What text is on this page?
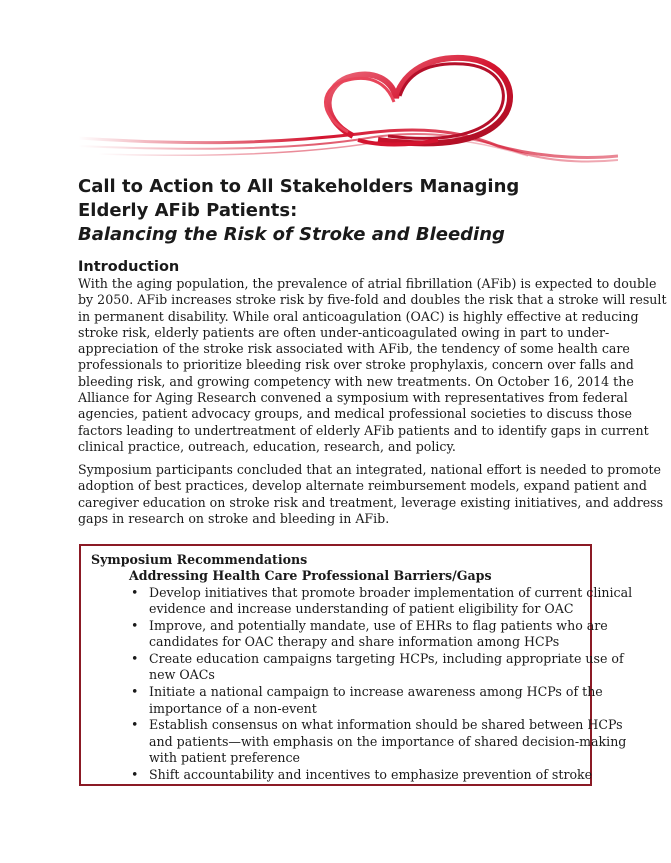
Call to Action to All Stakeholders Managing
Elderly AFib Patients:
Balancing the Risk of Stroke and Bleeding
Introduction

With the aging population, the prevalence of atrial fibrillation (AFib) is expected to double
by 2050. AFib increases stroke risk by five-fold and doubles the risk that a stroke will result
in permanent disability. While oral anticoagulation (OAC) is highly effective at reducing
stroke risk, elderly patients are often under-anticoagulated owing in part to under-
appreciation of the stroke risk associated with AFib, the tendency of some health care
professionals to prioritize bleeding risk over stroke prophylaxis, concern over falls and
bleeding risk, and growing competency with new treatments. On October 16, 2014 the
Alliance for Aging Research convened a symposium with representatives from federal
agencies, patient advocacy groups, and medical professional societies to discuss those
factors leading to undertreatment of elderly AFib patients and to identify gaps in current
clinical practice, outreach, education, research, and policy.

Symposium participants concluded that an integrated, national effort is needed to promote
adoption of best practices, develop alternate reimbursement models, expand patient and
caregiver education on stroke risk and treatment, leverage existing initiatives, and address
gaps in research on stroke and bleeding in AFib.

Symposium Recommendations
Addressing Health Care Professional Barriers/Gaps
• Develop initiatives that promote broader implementation of current clinical
evidence and increase understanding of patient eligibility for OAC
• Improve, and potentially mandate, use of EHRs to flag patients who are
candidates for OAC therapy and share information among HCPs
• Create education campaigns targeting HCPs, including appropriate use of
new OACs
• Initiate a national campaign to increase awareness among HCPs of the
importance of a non-event
• Establish consensus on what information should be shared between HCPs
and patients—with emphasis on the importance of shared decision-making
with patient preference
• Shift accountability and incentives to emphasize prevention of stroke
